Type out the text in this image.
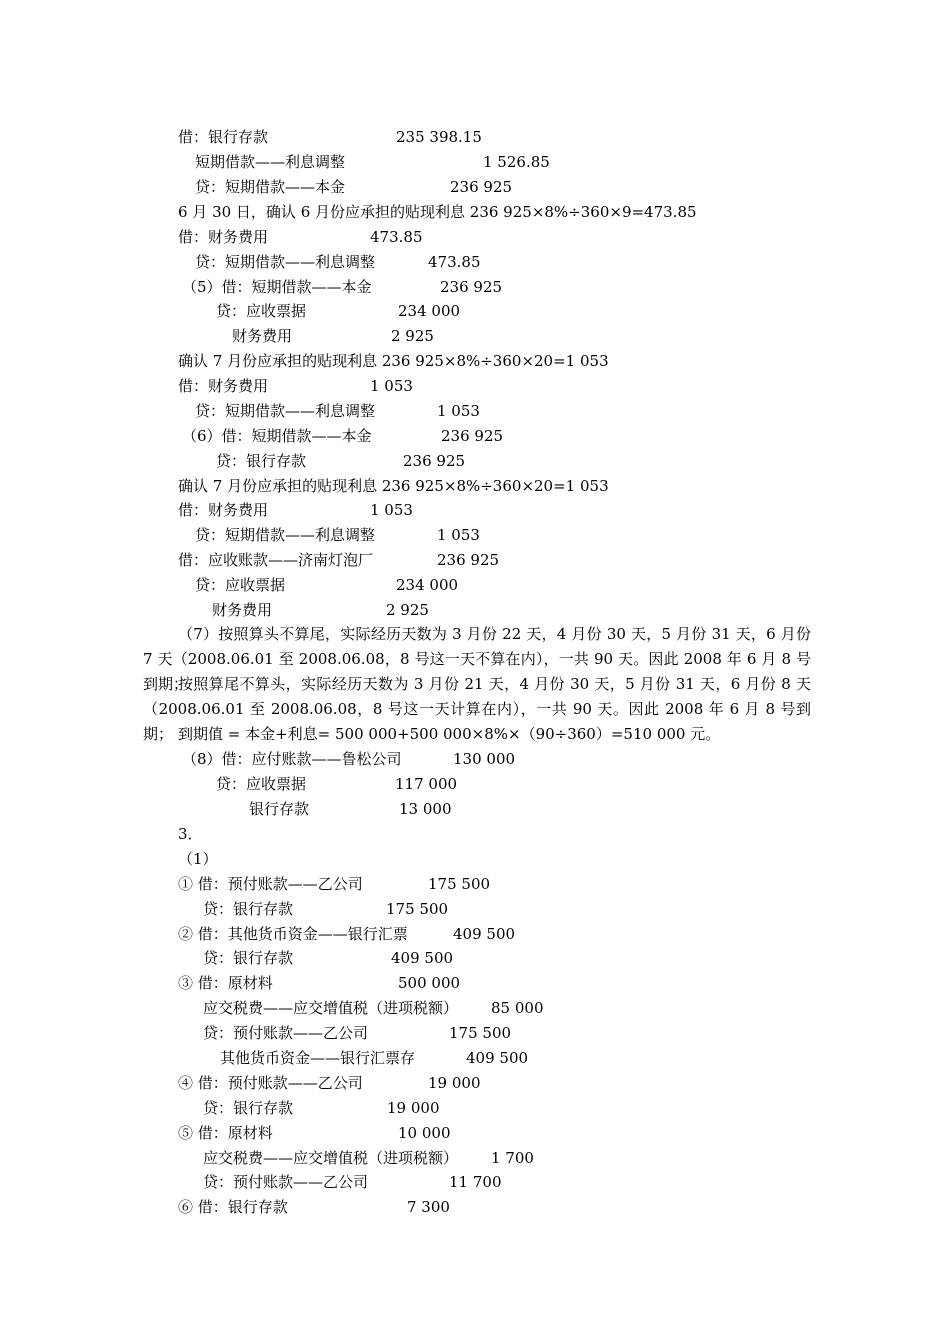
借：银行存款	235 398.15
短期借款——利息调整	1 526.85
贷：短期借款——本金	236 925
6 月 30 日，确认 6 月份应承担的贴现利息 236 925×8%÷360×9=473.85
借：财务费用	473.85
贷：短期借款——利息调整	473.85
（5）借：短期借款——本金	236 925
贷：应收票据	234 000
财务费用	2 925
确认 7 月份应承担的贴现利息 236 925×8%÷360×20=1 053
借：财务费用	1 053
贷：短期借款——利息调整	1 053
（6）借：短期借款——本金	236 925
贷：银行存款	236 925
确认 7 月份应承担的贴现利息 236 925×8%÷360×20=1 053
借：财务费用	1 053
贷：短期借款——利息调整	1 053
借：应收账款——济南灯泡厂	236 925
贷：应收票据	234 000
财务费用	2 925
（7）按照算头不算尾，实际经历天数为 3 月份 22 天，4 月份 30 天，5 月份 31 天，6 月份 7 天（2008.06.01 至 2008.06.08，8 号这一天不算在内），一共 90 天。因此 2008 年 6 月 8 号到期；
按照算尾不算头，实际经历天数为 3 月份 21 天，4 月份 30 天，5 月份 31 天，6 月份 8 天（2008.06.01 至 2008.06.08，8 号这一天计算在内），一共 90 天。因此 2008 年 6 月 8 号到期； 到期值 = 本金+利息= 500 000+500 000×8%×（90÷360）=510 000 元。
（8）借：应付账款——鲁松公司	130 000
贷：应收票据	117 000
银行存款	13 000
3．
（1）
① 借：预付账款——乙公司	175 500
贷：银行存款	175 500
② 借：其他货币资金——银行汇票	409 500
贷：银行存款	409 500
③ 借：原材料	500 000
应交税费——应交增值税（进项税额） 85 000
贷：预付账款——乙公司	175 500
其他货币资金——银行汇票存	409 500
④ 借：预付账款——乙公司	19 000
贷：银行存款	19 000
⑤ 借：原材料	10 000
应交税费——应交增值税（进项税额） 1 700
贷：预付账款——乙公司	11 700
⑥ 借：银行存款	7 300
